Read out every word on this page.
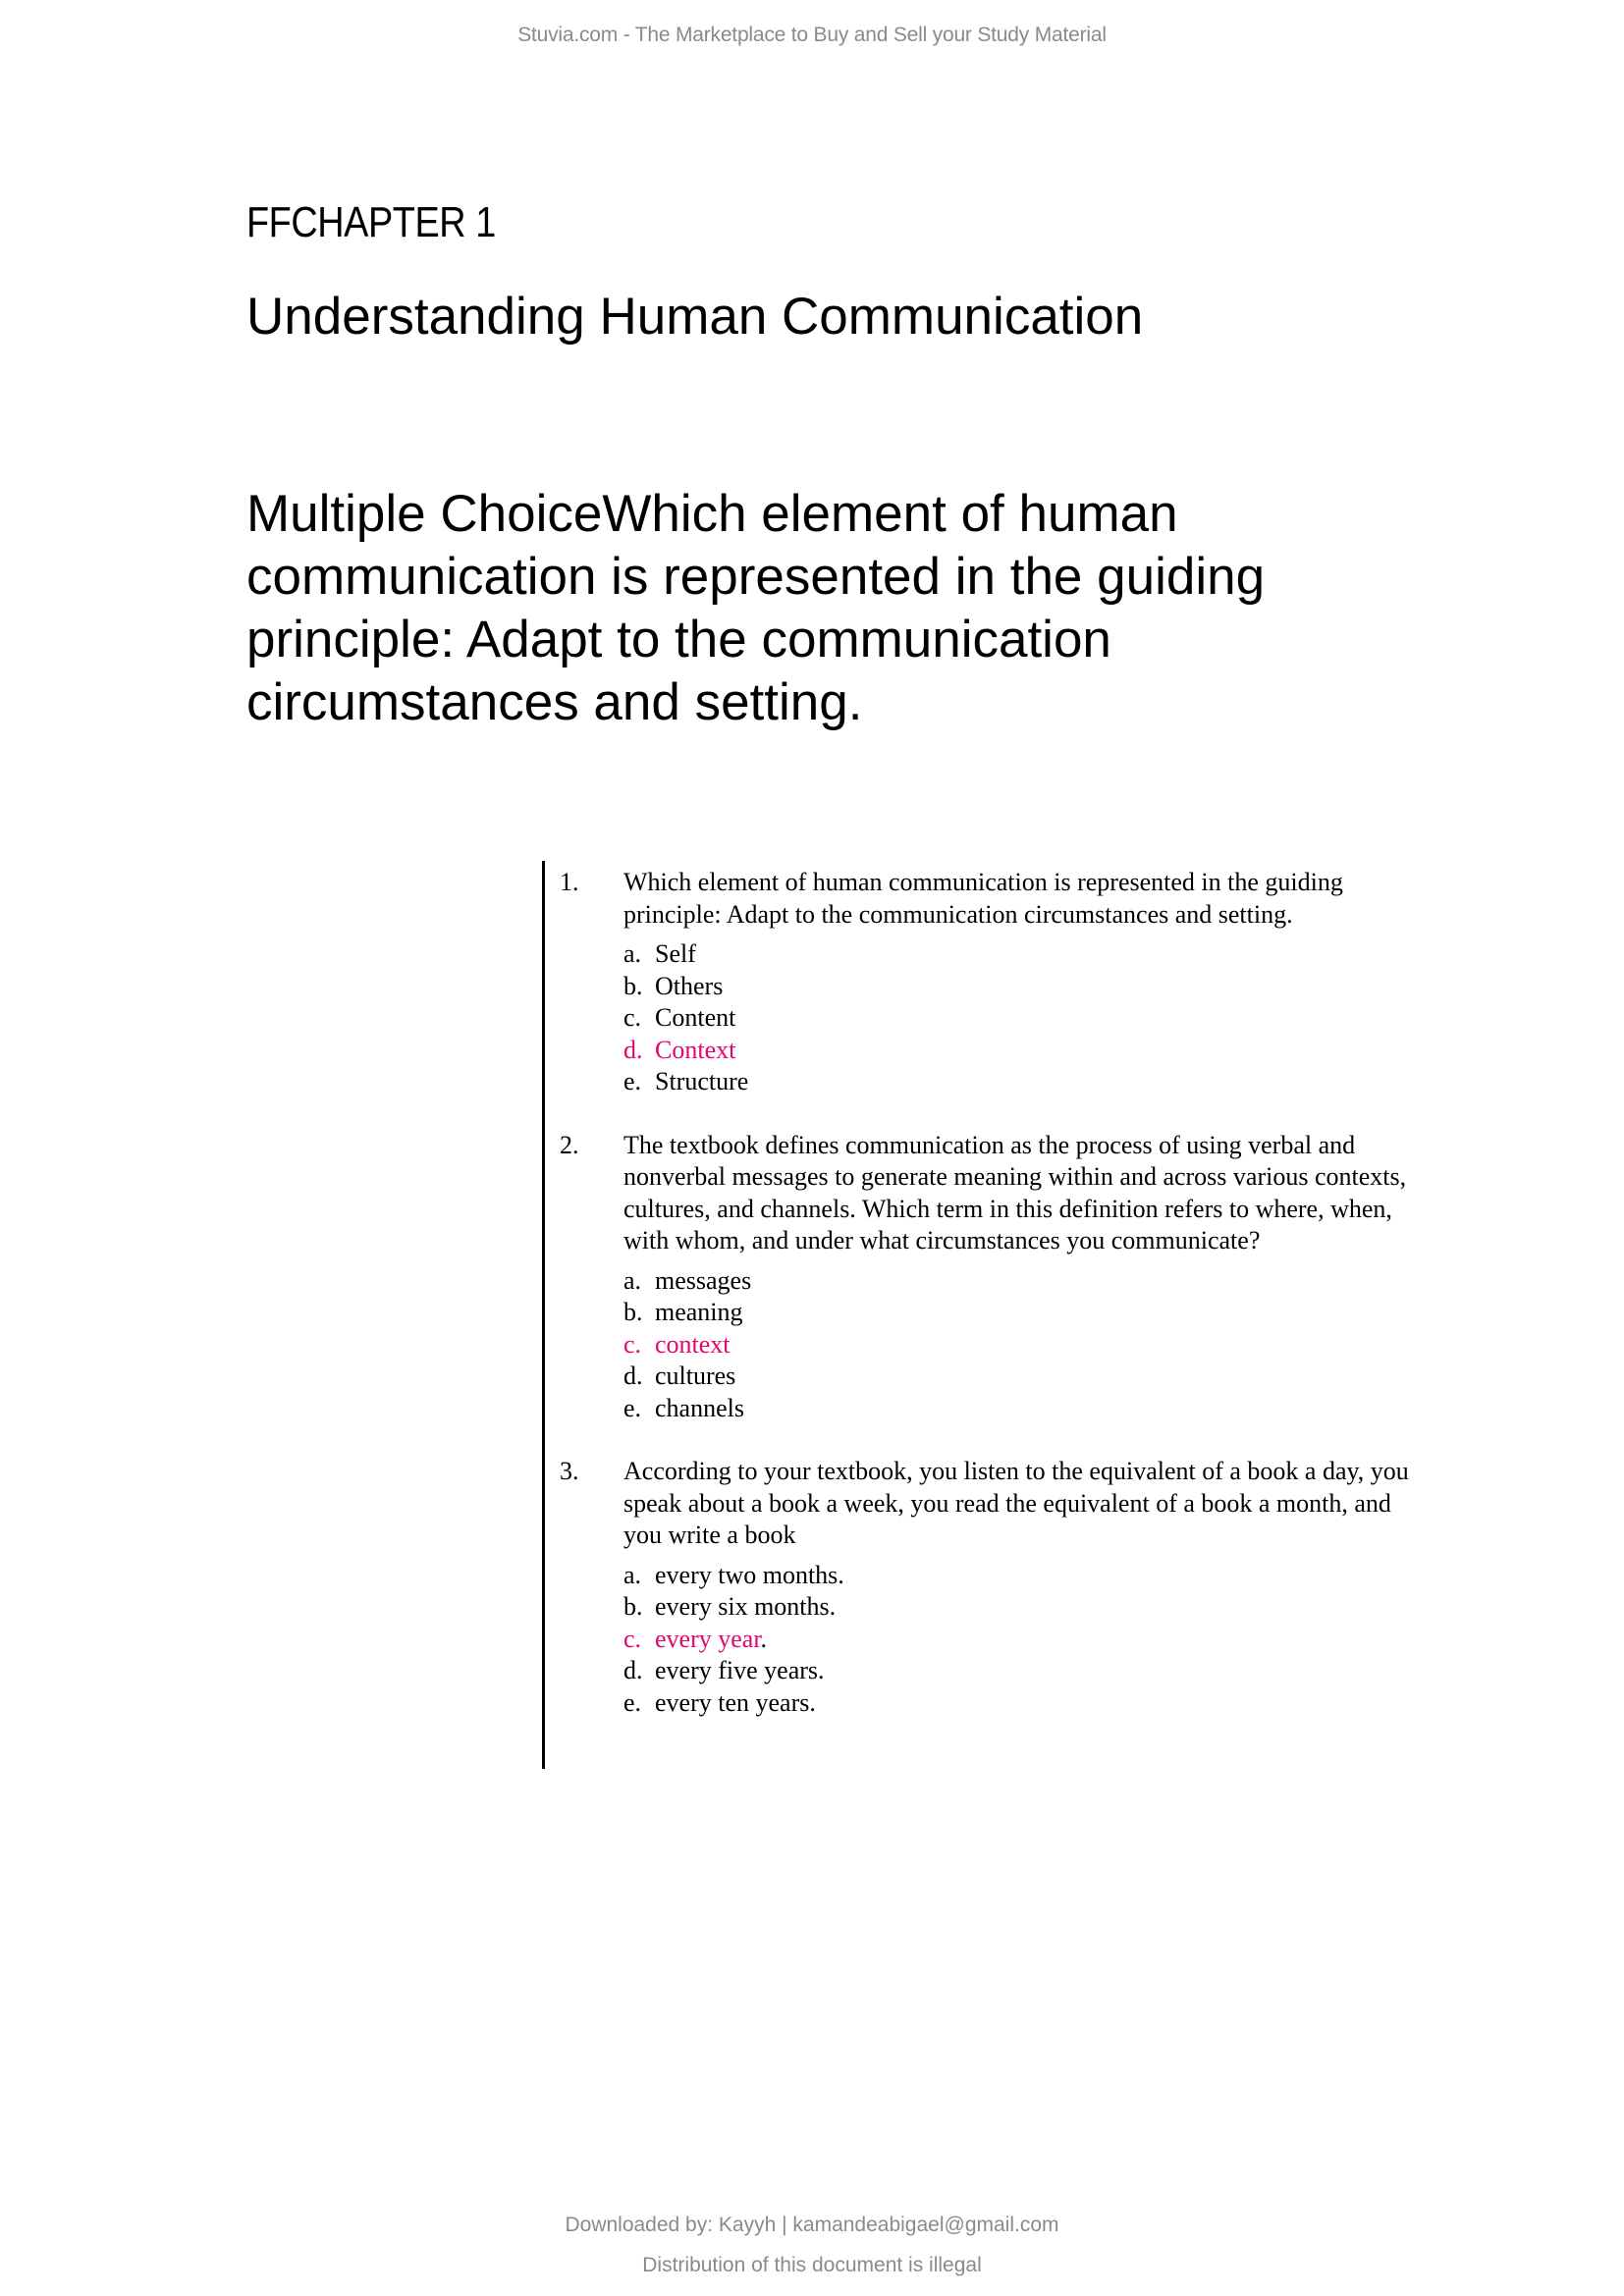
Stuvia.com - The Marketplace to Buy and Sell your Study Material
FFCHAPTER 1
Understanding Human Communication
Multiple ChoiceWhich element of human communication is represented in the guiding principle: Adapt to the communication circumstances and setting.
1. Which element of human communication is represented in the guiding principle: Adapt to the communication circumstances and setting.
a. Self
b. Others
c. Content
d. Context
e. Structure
2. The textbook defines communication as the process of using verbal and nonverbal messages to generate meaning within and across various contexts, cultures, and channels. Which term in this definition refers to where, when, with whom, and under what circumstances you communicate?
a. messages
b. meaning
c. context
d. cultures
e. channels
3. According to your textbook, you listen to the equivalent of a book a day, you speak about a book a week, you read the equivalent of a book a month, and you write a book
a. every two months.
b. every six months.
c. every year.
d. every five years.
e. every ten years.
Downloaded by: Kayyh | kamandeabigael@gmail.com
Distribution of this document is illegal
